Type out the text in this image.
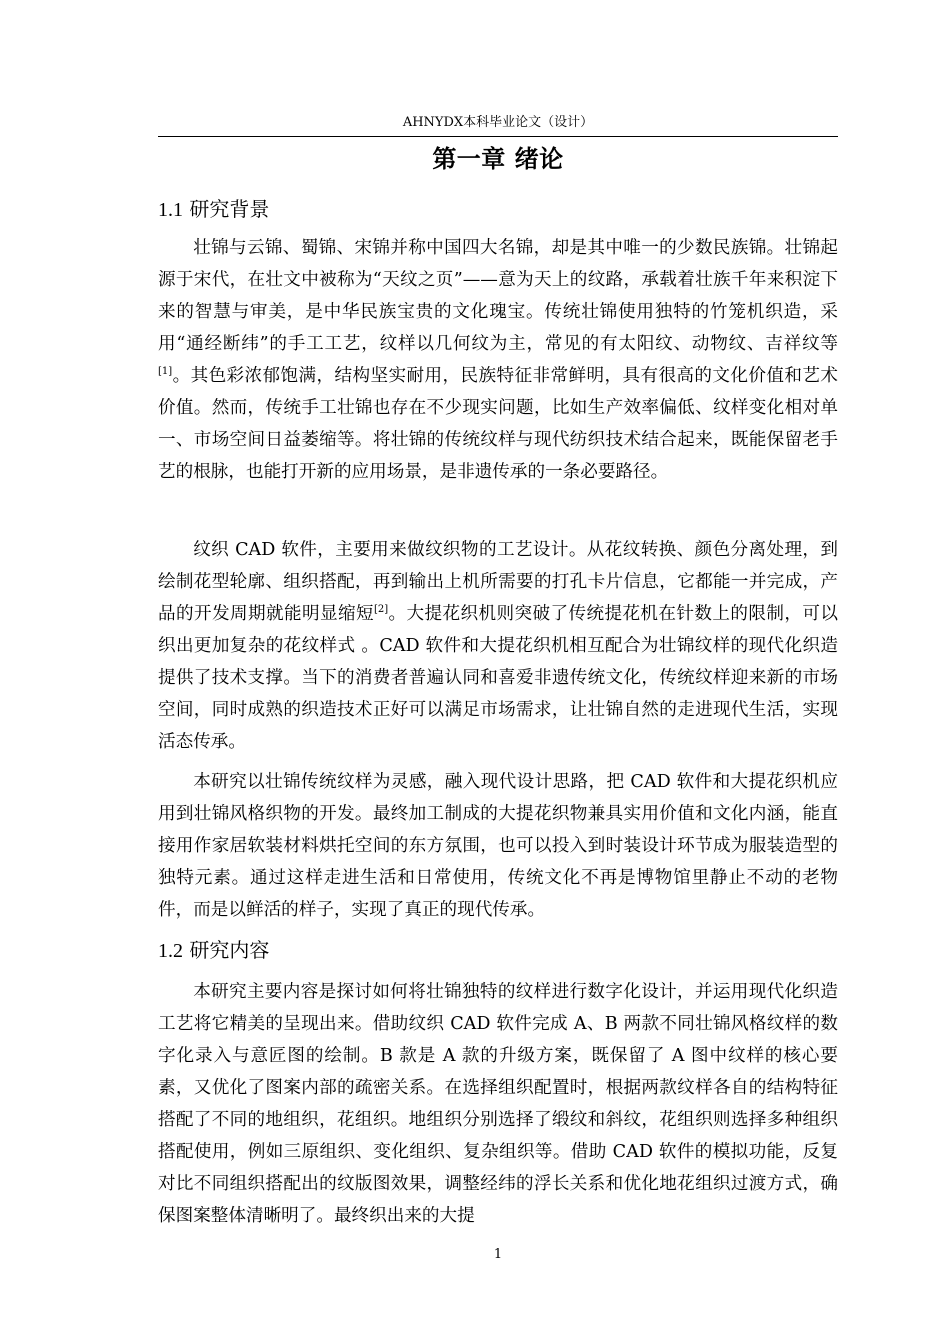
AHNYDX本科毕业论文（设计）
第一章 绪论
1.1 研究背景

壮锦与云锦、蜀锦、宋锦并称中国四大名锦，却是其中唯一的少数民族锦。壮锦起源于宋代，在壮文中被称为“天纹之页”——意为天上的纹路，承载着壮族千年来积淀下来的智慧与审美，是中华民族宝贵的文化瑰宝。传统壮锦使用独特的竹笼机织造，采用“通经断纬”的手工工艺，纹样以几何纹为主，常见的有太阳纹、动物纹、吉祥纹等[1]。其色彩浓郁饱满，结构坚实耐用，民族特征非常鲜明，具有很高的文化价值和艺术价值。然而，传统手工壮锦也存在不少现实问题，比如生产效率偏低、纹样变化相对单一、市场空间日益萎缩等。将壮锦的传统纹样与现代纺织技术结合起来，既能保留老手艺的根脉，也能打开新的应用场景，是非遗传承的一条必要路径。

纹织 CAD 软件，主要用来做纹织物的工艺设计。从花纹转换、颜色分离处理，到绘制花型轮廓、组织搭配，再到输出上机所需要的打孔卡片信息，它都能一并完成，产品的开发周期就能明显缩短[2]。大提花织机则突破了传统提花机在针数上的限制，可以织出更加复杂的花纹样式 。CAD 软件和大提花织机相互配合为壮锦纹样的现代化织造提供了技术支撑。当下的消费者普遍认同和喜爱非遗传统文化，传统纹样迎来新的市场空间，同时成熟的织造技术正好可以满足市场需求，让壮锦自然的走进现代生活，实现活态传承。

本研究以壮锦传统纹样为灵感，融入现代设计思路，把 CAD 软件和大提花织机应用到壮锦风格织物的开发。最终加工制成的大提花织物兼具实用价值和文化内涵，能直接用作家居软装材料烘托空间的东方氛围，也可以投入到时装设计环节成为服装造型的独特元素。通过这样走进生活和日常使用，传统文化不再是博物馆里静止不动的老物件，而是以鲜活的样子，实现了真正的现代传承。

1.2 研究内容

本研究主要内容是探讨如何将壮锦独特的纹样进行数字化设计，并运用现代化织造工艺将它精美的呈现出来。借助纹织 CAD 软件完成 A、B 两款不同壮锦风格纹样的数字化录入与意匠图的绘制。B 款是 A 款的升级方案，既保留了 A 图中纹样的核心要素，又优化了图案内部的疏密关系。在选择组织配置时，根据两款纹样各自的结构特征搭配了不同的地组织，花组织。地组织分别选择了缎纹和斜纹，花组织则选择多种组织搭配使用，例如三原组织、变化组织、复杂组织等。借助 CAD 软件的模拟功能，反复对比不同组织搭配出的纹版图效果，调整经纬的浮长关系和优化地花组织过渡方式，确保图案整体清晰明了。最终织出来的大提

1
